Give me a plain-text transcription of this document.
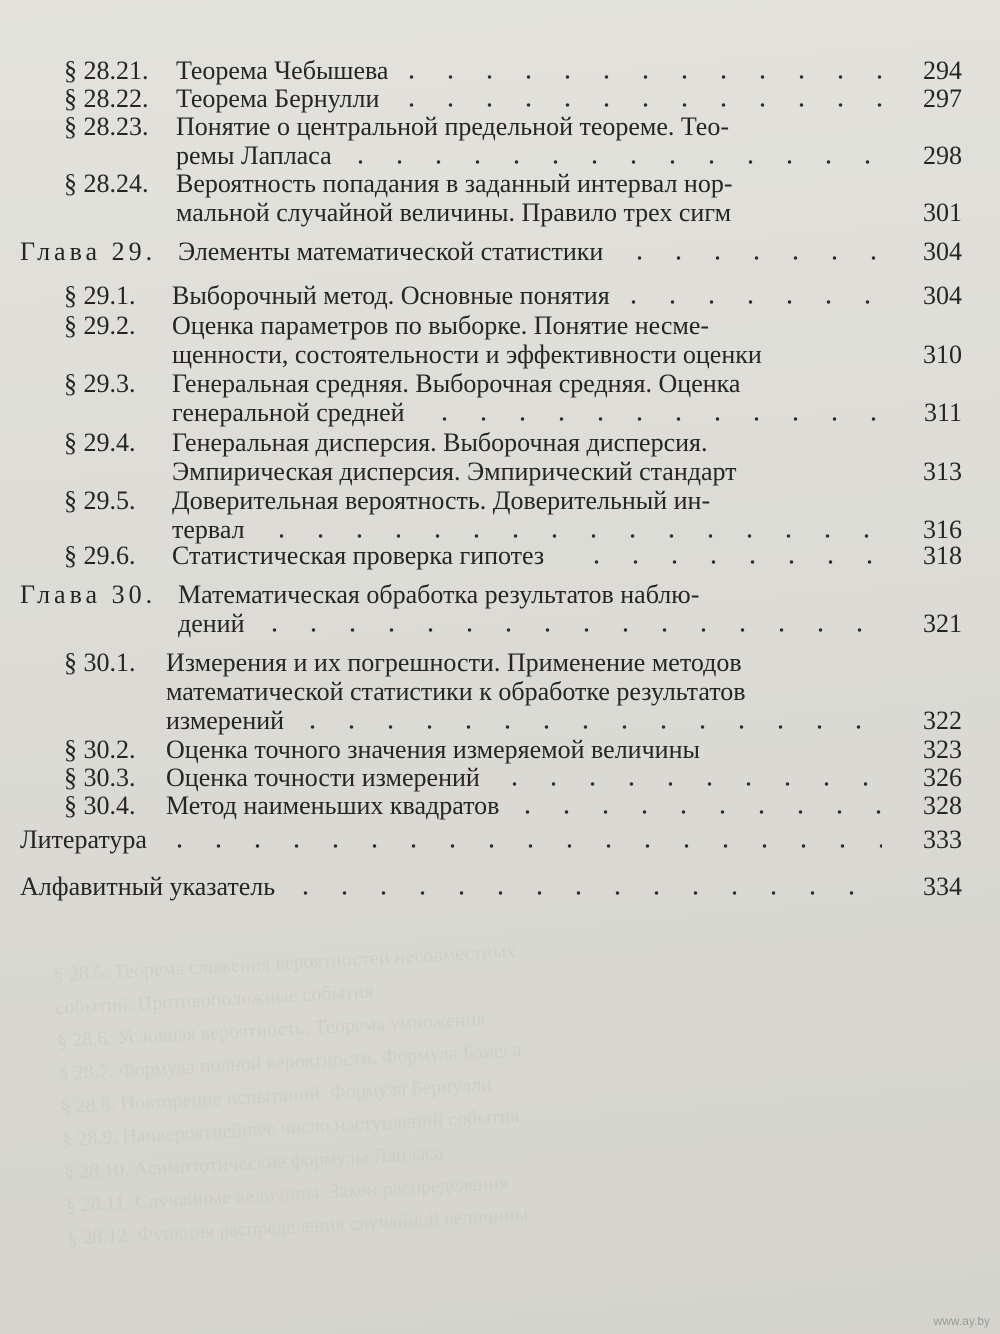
§ 28.5. Теорема сложения вероятностей несовместных
событий. Противоположные события
§ 28.6. Условная вероятность. Теорема умножения
§ 28.7. Формула полной вероятности. Формула Байеса
§ 28.8. Повторение испытаний. Формула Бернулли
§ 28.9. Наивероятнейшее число наступлений события
§ 28.10. Асимптотические формулы Лапласа
§ 28.11. Случайные величины. Закон распределения
§ 28.12. Функция распределения случайной величины
§ 28.21. Теорема Чебышева	294
§ 28.22. Теорема Бернулли	297
§ 28.23. Понятие о центральной предельной теореме. Тео-
ремы Лапласа	298
§ 28.24. Вероятность попадания в заданный интервал нор-
мальной случайной величины. Правило трех сигм	301
Глава 29. Элементы математической статистики	304
§ 29.1. Выборочный метод. Основные понятия	304
§ 29.2. Оценка параметров по выборке. Понятие несме-
щенности, состоятельности и эффективности оценки	310
§ 29.3. Генеральная средняя. Выборочная средняя. Оценка
генеральной средней	311
§ 29.4. Генеральная дисперсия. Выборочная дисперсия.
Эмпирическая дисперсия. Эмпирический стандарт	313
§ 29.5. Доверительная вероятность. Доверительный ин-
тервал	316
§ 29.6. Статистическая проверка гипотез	318
Глава 30. Математическая обработка результатов наблю-
дений	321
§ 30.1. Измерения и их погрешности. Применение методов
математической статистики к обработке результатов
измерений	322
§ 30.2. Оценка точного значения измеряемой величины	323
§ 30.3. Оценка точности измерений	326
§ 30.4. Метод наименьших квадратов	328
Литература	333
Алфавитный указатель	334
www.ay.by
